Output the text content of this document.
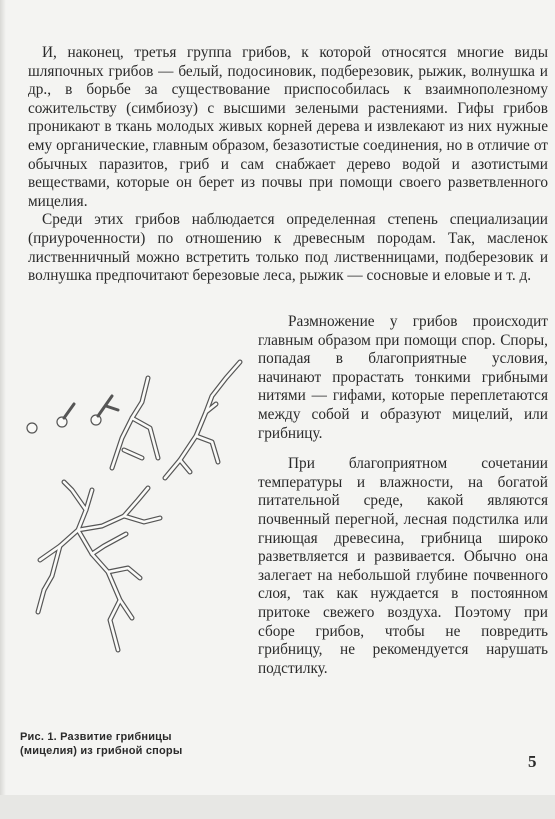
И, наконец, третья группа грибов, к которой относятся многие виды шляпочных грибов — белый, подосиновик, подберезовик, рыжик, волнушка и др., в борьбе за существование приспособилась к взаимнополезному сожительству (симбиозу) с высшими зелеными растениями. Гифы грибов проникают в ткань молодых живых корней дерева и извлекают из них нужные ему органические, главным образом, безазотистые соединения, но в отличие от обычных паразитов, гриб и сам снабжает дерево водой и азотистыми веществами, которые он берет из почвы при помощи своего разветвленного мицелия.

Среди этих грибов наблюдается определенная степень специализации (приуроченности) по отношению к древесным породам. Так, масленок лиственничный можно встретить только под лиственницами, подберезовик и волнушка предпочитают березовые леса, рыжик — сосновые и еловые и т. д.

Размножение у грибов происходит главным образом при помощи спор. Споры, попадая в благоприятные условия, начинают прорастать тонкими грибными нитями — гифами, которые переплетаются между собой и образуют мицелий, или грибницу.

При благоприятном сочетании температуры и влажности, на богатой питательной среде, какой являются почвенный перегной, лесная подстилка или гниющая древесина, грибница широко разветвляется и развивается. Обычно она залегает на небольшой глубине почвенного слоя, так как нуждается в постоянном притоке свежего воздуха. Поэтому при сборе грибов, чтобы не повредить грибницу, не рекомендуется нарушать подстилку.

Рис. 1. Развитие грибницы
(мицелия) из грибной споры
5
